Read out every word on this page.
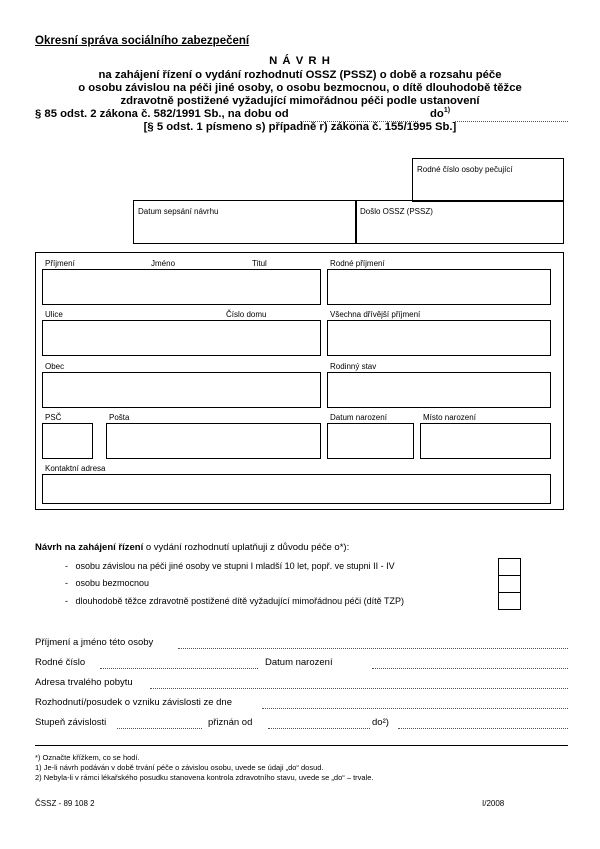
Okresní správa sociálního zabezpečení
N Á V R H
na zahájení řízení o vydání rozhodnutí OSSZ (PSSZ) o době a rozsahu péče
o osobu závislou na péči jiné osoby, o osobu bezmocnou, o dítě dlouhodobě těžce
zdravotně postižené vyžadující mimořádnou péči podle ustanovení
§ 85 odst. 2 zákona č. 582/1991 Sb., na dobu od	$do^{1)}$
[§ 5 odst. 1 písmeno s) případně r) zákona č. 155/1995 Sb.]
Rodné číslo osoby pečující
Datum sepsání návrhu	Došlo OSSZ (PSSZ)
Příjmení	Jméno	Titul	Rodné příjmení
Ulice	Číslo domu	Všechna dřívější příjmení
Obec	Rodinný stav
PSČ	Pošta	Datum narození	Místo narození
Kontaktní adresa
Návrh na zahájení řízení o vydání rozhodnutí uplatňuji z důvodu péče o*):
-   osobu závislou na péči jiné osoby ve stupni I mladší 10 let, popř. ve stupni II - IV
-   osobu bezmocnou
-   dlouhodobě těžce zdravotně postižené dítě vyžadující mimořádnou péči (dítě TZP)
Příjmení a jméno této osoby
Rodné číslo	Datum narození
Adresa trvalého pobytu
Rozhodnutí/posudek o vzniku závislosti ze dne
Stupeň závislosti	přiznán od	do²)
*) Označte křížkem, co se hodí.
1) Je-li návrh podáván v době trvání péče o závislou osobu, uvede se údaji „do“ dosud.
2) Nebyla-li v rámci lékařského posudku stanovena kontrola zdravotního stavu, uvede se „do“ – trvale.
ČSSZ - 89 108 2	I/2008
